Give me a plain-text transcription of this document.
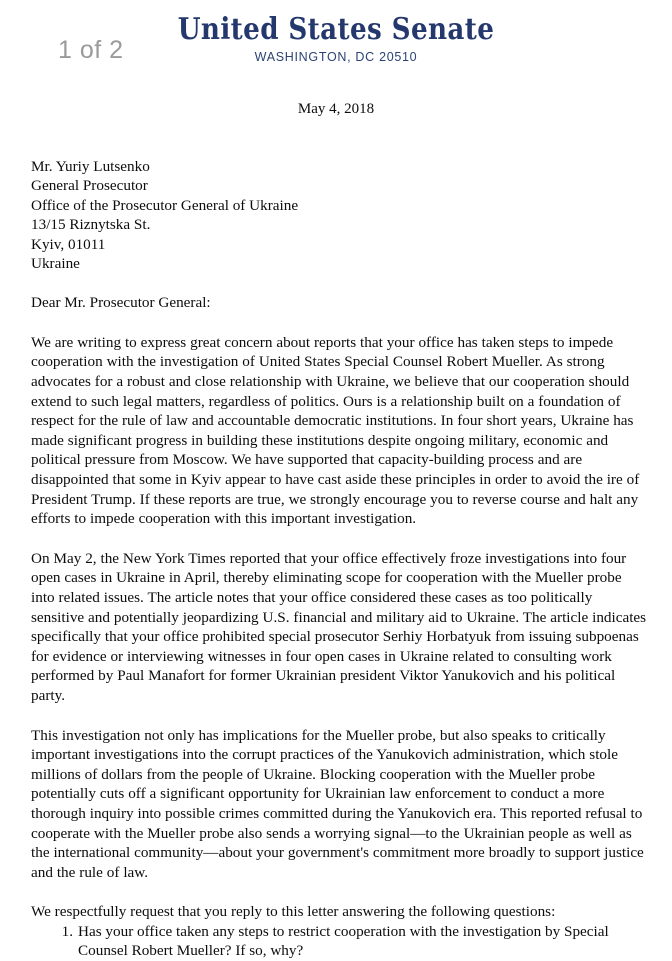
1 of 2
United States Senate
WASHINGTON, DC 20510
May 4, 2018
Mr. Yuriy Lutsenko
General Prosecutor
Office of the Prosecutor General of Ukraine
13/15 Riznytska St.
Kyiv, 01011
Ukraine
Dear Mr. Prosecutor General:

We are writing to express great concern about reports that your office has taken steps to impede cooperation with the investigation of United States Special Counsel Robert Mueller. As strong advocates for a robust and close relationship with Ukraine, we believe that our cooperation should extend to such legal matters, regardless of politics. Ours is a relationship built on a foundation of respect for the rule of law and accountable democratic institutions. In four short years, Ukraine has made significant progress in building these institutions despite ongoing military, economic and political pressure from Moscow. We have supported that capacity-building process and are disappointed that some in Kyiv appear to have cast aside these principles in order to avoid the ire of President Trump. If these reports are true, we strongly encourage you to reverse course and halt any efforts to impede cooperation with this important investigation.

On May 2, the New York Times reported that your office effectively froze investigations into four open cases in Ukraine in April, thereby eliminating scope for cooperation with the Mueller probe into related issues. The article notes that your office considered these cases as too politically sensitive and potentially jeopardizing U.S. financial and military aid to Ukraine. The article indicates specifically that your office prohibited special prosecutor Serhiy Horbatyuk from issuing subpoenas for evidence or interviewing witnesses in four open cases in Ukraine related to consulting work performed by Paul Manafort for former Ukrainian president Viktor Yanukovich and his political party.

This investigation not only has implications for the Mueller probe, but also speaks to critically important investigations into the corrupt practices of the Yanukovich administration, which stole millions of dollars from the people of Ukraine. Blocking cooperation with the Mueller probe potentially cuts off a significant opportunity for Ukrainian law enforcement to conduct a more thorough inquiry into possible crimes committed during the Yanukovich era. This reported refusal to cooperate with the Mueller probe also sends a worrying signal—to the Ukrainian people as well as the international community—about your government's commitment more broadly to support justice and the rule of law.

We respectfully request that you reply to this letter answering the following questions:
1. Has your office taken any steps to restrict cooperation with the investigation by Special Counsel Robert Mueller? If so, why?
